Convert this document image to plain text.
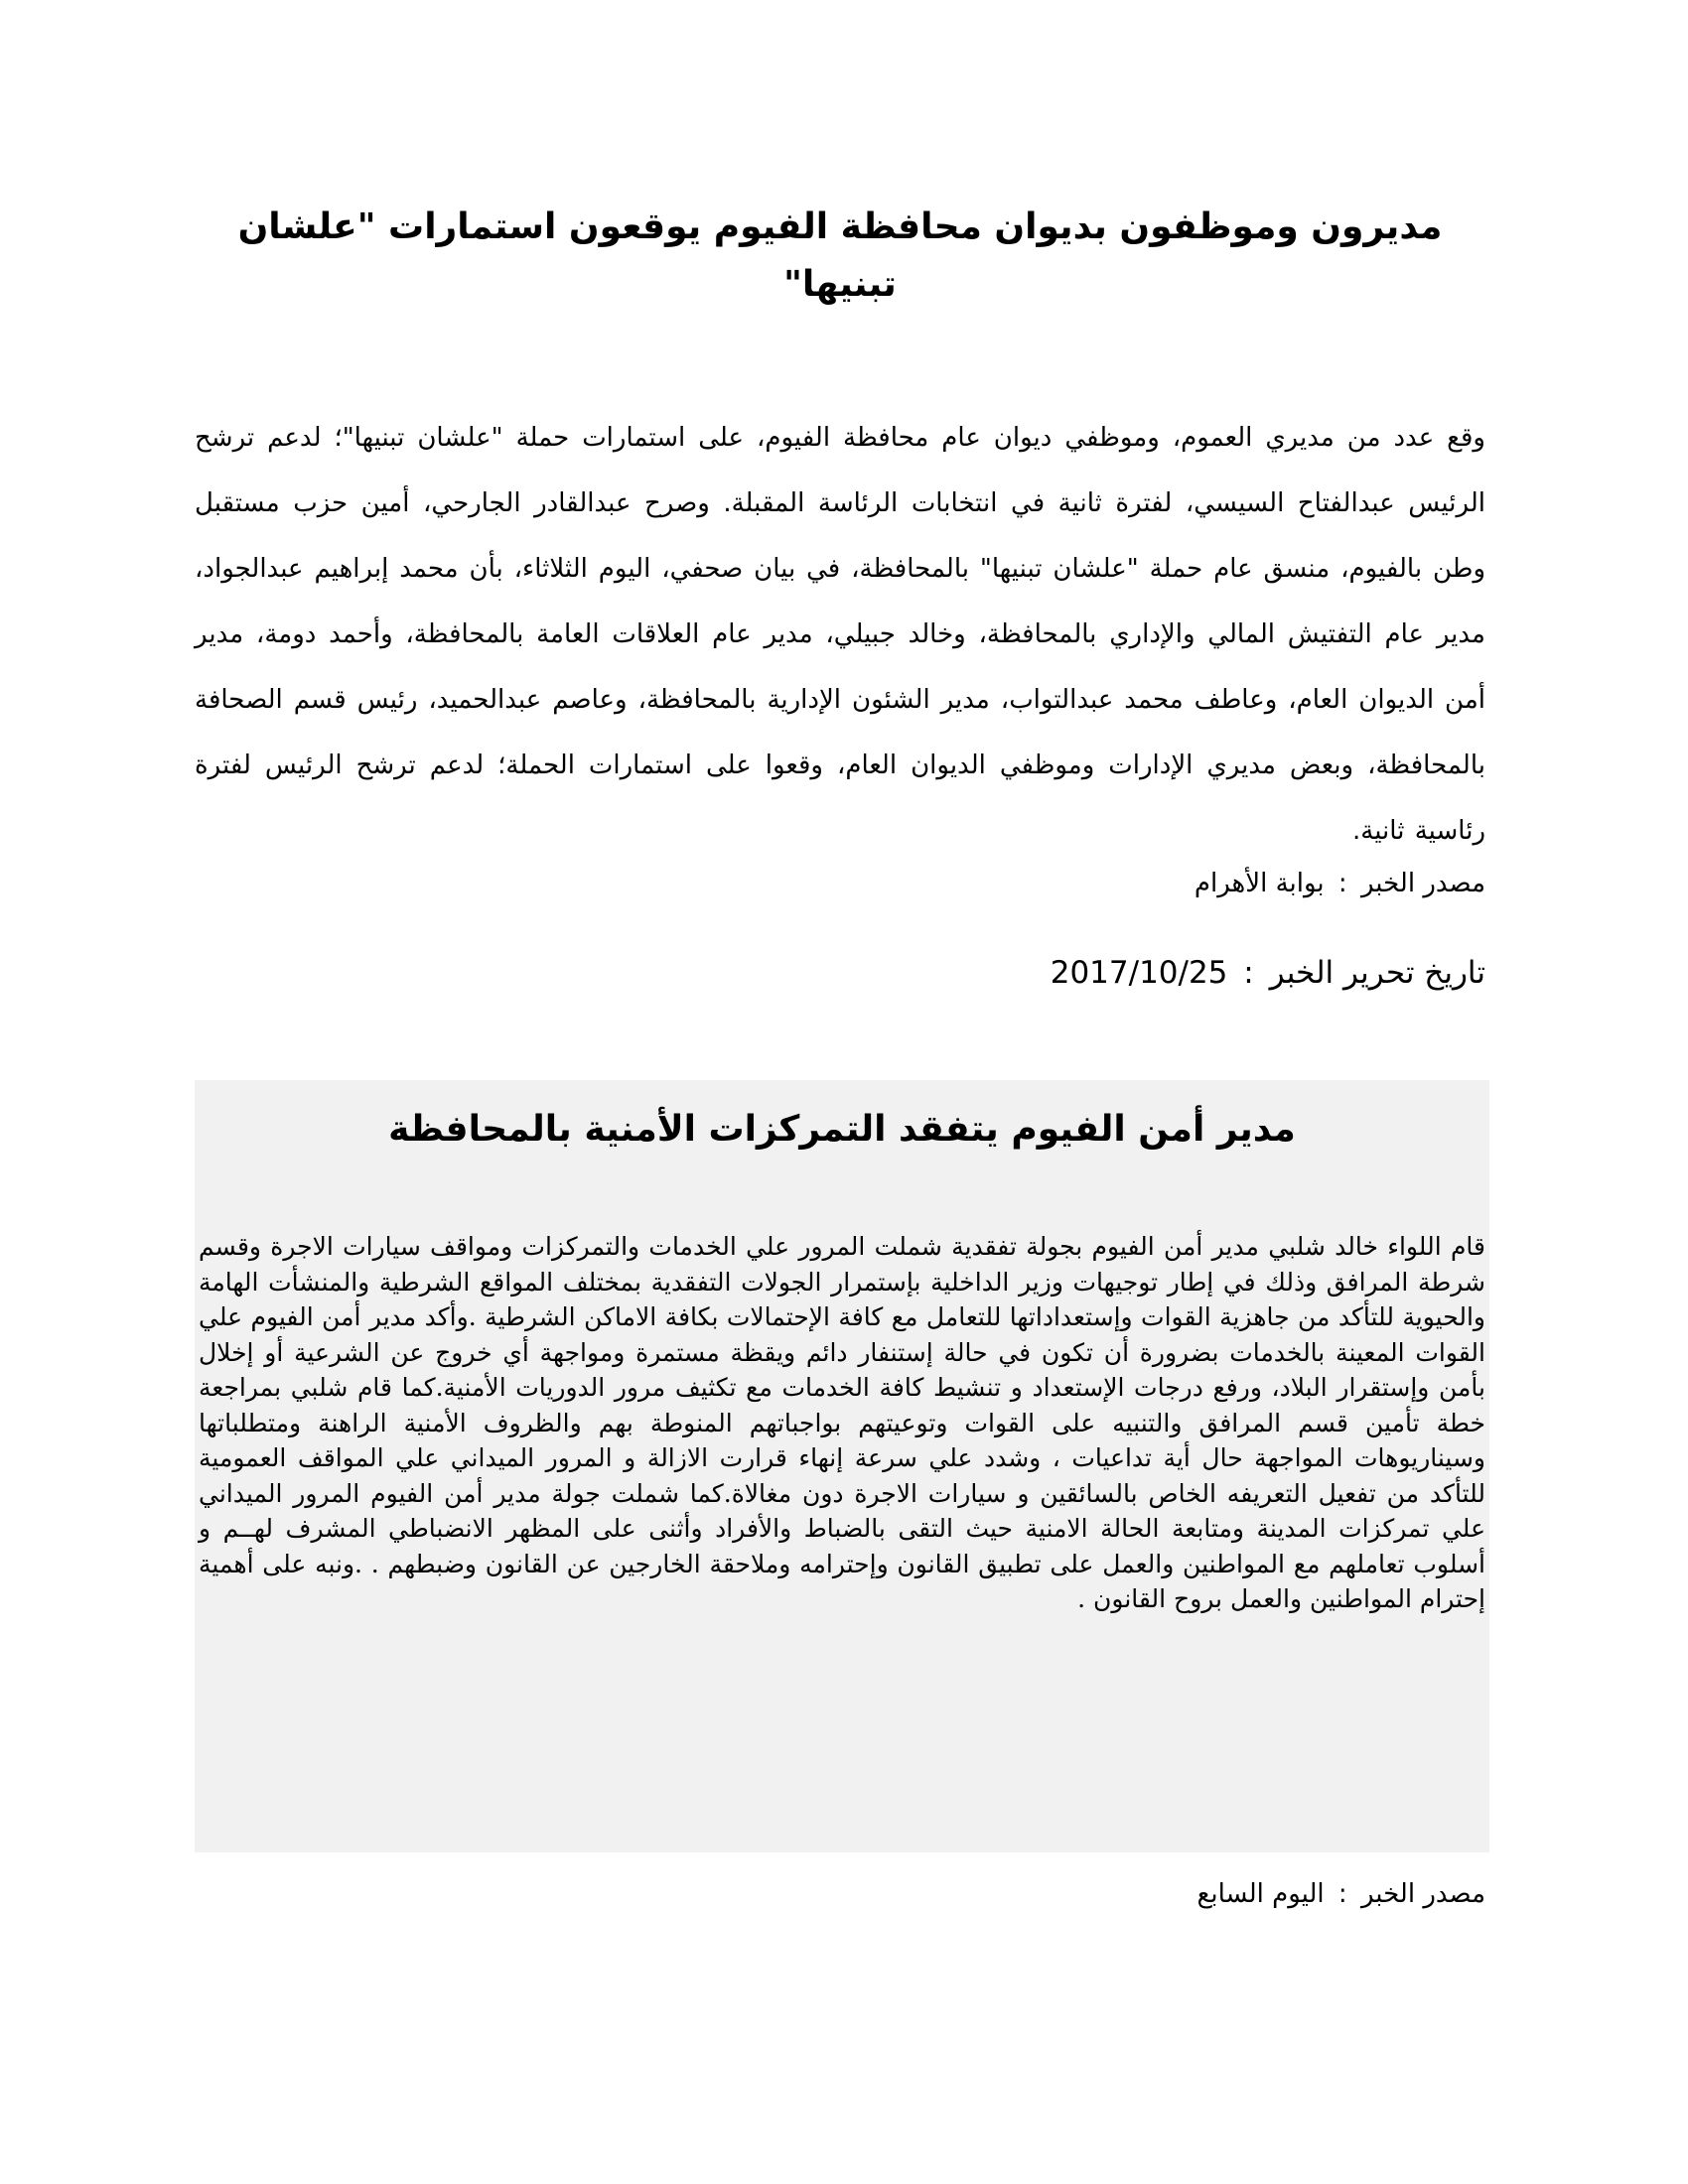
مديرون وموظفون بديوان محافظة الفيوم يوقعون استمارات "علشان تبنيها"

وقع عدد من مديري العموم، وموظفي ديوان عام محافظة الفيوم، على استمارات حملة "علشان تبنيها"؛ لدعم ترشح الرئيس عبدالفتاح السيسي، لفترة ثانية في انتخابات الرئاسة المقبلة. وصرح عبدالقادر الجارحي، أمين حزب مستقبل وطن بالفيوم، منسق عام حملة "علشان تبنيها" بالمحافظة، في بيان صحفي، اليوم الثلاثاء، بأن محمد إبراهيم عبدالجواد، مدير عام التفتيش المالي والإداري بالمحافظة، وخالد جبيلي، مدير عام العلاقات العامة بالمحافظة، وأحمد دومة، مدير أمن الديوان العام، وعاطف محمد عبدالتواب، مدير الشئون الإدارية بالمحافظة، وعاصم عبدالحميد، رئيس قسم الصحافة بالمحافظة، وبعض مديري الإدارات وموظفي الديوان العام، وقعوا على استمارات الحملة؛ لدعم ترشح الرئيس لفترة رئاسية ثانية.

مصدر الخبر : بوابة الأهرام
تاريخ تحرير الخبر : 2017/10/25
مدير أمن الفيوم يتفقد التمركزات الأمنية بالمحافظة

قام اللواء خالد شلبي مدير أمن الفيوم بجولة تفقدية شملت المرور علي الخدمات والتمركزات ومواقف سيارات الاجرة وقسم شرطة المرافق وذلك في إطار توجيهات وزير الداخلية بإستمرار الجولات التفقدية بمختلف المواقع الشرطية والمنشأت الهامة والحيوية للتأكد من جاهزية القوات وإستعداداتها للتعامل مع كافة الإحتمالات بكافة الاماكن الشرطية .وأكد مدير أمن الفيوم علي القوات المعينة بالخدمات بضرورة أن تكون في حالة إستنفار دائم ويقظة مستمرة ومواجهة أي خروج عن الشرعية أو إخلال بأمن وإستقرار البلاد، ورفع درجات الإستعداد و تنشيط كافة الخدمات مع تكثيف مرور الدوريات الأمنية.كما قام شلبي بمراجعة خطة تأمين قسم المرافق والتنبيه على القوات وتوعيتهم بواجباتهم المنوطة بهم والظروف الأمنية الراهنة ومتطلباتها وسيناريوهات المواجهة حال أية تداعيات ، وشدد علي سرعة إنهاء قرارت الازالة و المرور الميداني علي المواقف العمومية للتأكد من تفعيل التعريفه الخاص بالسائقين و سيارات الاجرة دون مغالاة.كما شملت جولة مدير أمن الفيوم المرور الميداني علي تمركزات المدينة ومتابعة الحالة الامنية حيث التقى بالضباط والأفراد وأثنى على المظهر الانضباطي المشرف لهــم و أسلوب تعاملهم مع المواطنين والعمل على تطبيق القانون وإحترامه وملاحقة الخارجين عن القانون وضبطهم . .ونبه على أهمية إحترام المواطنين والعمل بروح القانون .

مصدر الخبر : اليوم السابع
